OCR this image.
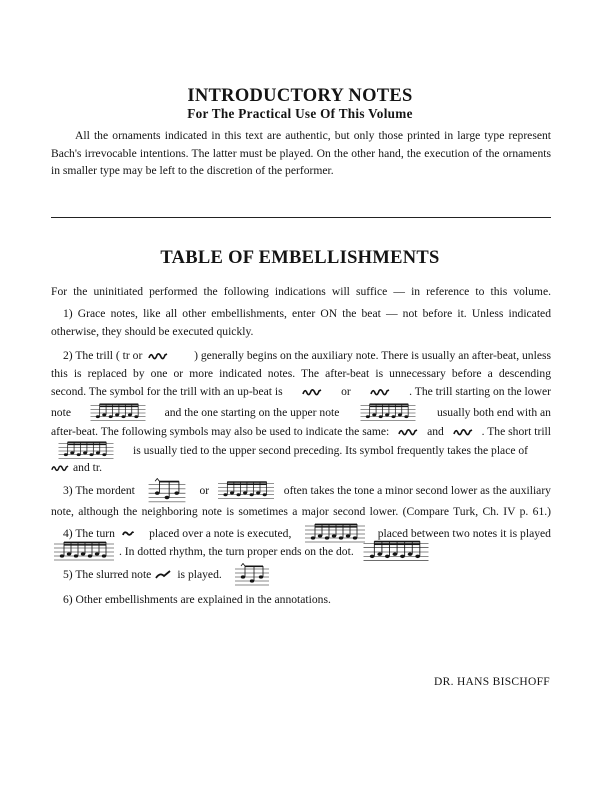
INTRODUCTORY NOTES
For The Practical Use Of This Volume
All the ornaments indicated in this text are authentic, but only those printed in large type represent Bach's irrevocable intentions. The latter must be played. On the other hand, the execution of the ornaments in smaller type may be left to the discretion of the performer.
TABLE OF EMBELLISHMENTS
For the uninitiated performed the following indications will suffice — in reference to this volume.
1) Grace notes, like all other embellishments, enter ON the beat — not before it. Unless indicated
otherwise, they should be executed quickly.
2) The trill ( tr or	) generally begins on the auxiliary note. There is usually an after-beat, unless
this is replaced by one or more indicated notes. The after-beat is unnecessary before a descending
second. The symbol for the trill with an up-beat is	or	. The trill starting on the lower
note	and the one starting on the upper note	usually both end with an
after-beat. The following symbols may also be used to indicate the same:	and	. The short trill
is usually tied to the upper second preceding. Its symbol frequently takes the place of
and tr.
3) The mordent	or	often takes the tone a minor second lower as the auxiliary
note, although the neighboring note is sometimes a major second lower. (Compare Turk, Ch. IV p. 61.)
4) The turn	placed over a note is executed,	placed between two notes it is played
. In dotted rhythm, the turn proper ends on the dot.
5) The slurred note is played.
6) Other embellishments are explained in the annotations.
DR. HANS BISCHOFF
